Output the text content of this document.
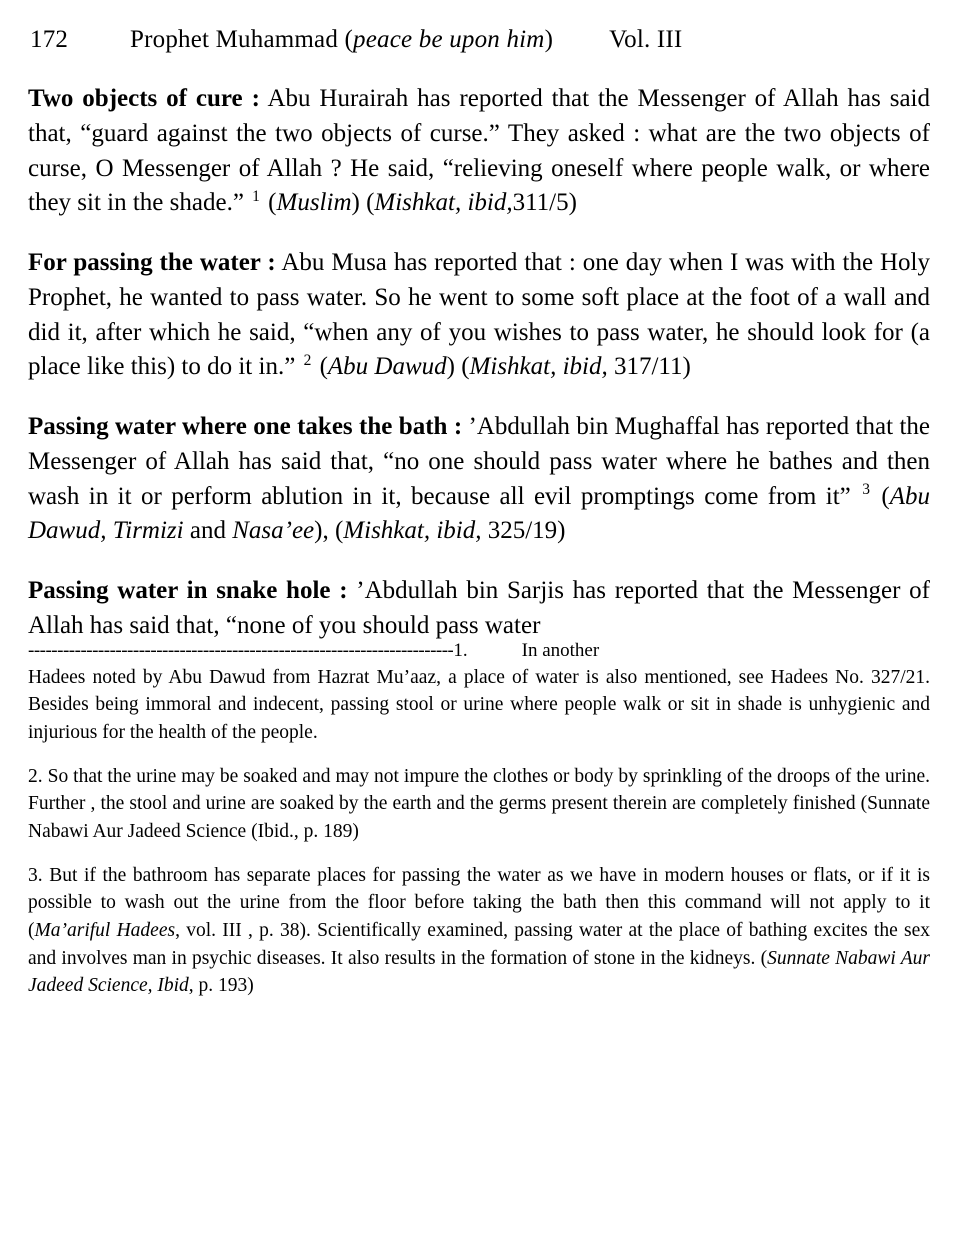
172	Prophet Muhammad (peace be upon him) Vol. III

Two objects of cure : Abu Hurairah has reported that the Messenger of Allah has said that, “guard against the two objects of curse.” They asked : what are the two objects of curse, O Messenger of Allah ? He said, “relieving oneself where people walk, or where they sit in the shade.” $^1$ (Muslim) (Mishkat, ibid,311/5)

For passing the water : Abu Musa has reported that : one day when I was with the Holy Prophet, he wanted to pass water. So he went to some soft place at the foot of a wall and did it, after which he said, “when any of you wishes to pass water, he should look for (a place like this) to do it in.” $^2$ (Abu Dawud) (Mishkat, ibid, 317/11)

Passing water where one takes the bath : ’Abdullah bin Mughaffal has reported that the Messenger of Allah has said that, “no one should pass water where he bathes and then wash in it or perform ablution in it, because all evil promptings come from it” $^3$ (Abu Dawud, Tirmizi and Nasa’ee), (Mishkat, ibid, 325/19)

Passing water in snake hole : ’Abdullah bin Sarjis has reported that the Messenger of Allah has said that, “none of you should pass water

------------------------------------------------------------------------- 1.	In another

Hadees noted by Abu Dawud from Hazrat Mu’aaz, a place of water is also mentioned, see Hadees No. 327/21. Besides being immoral and indecent, passing stool or urine where people walk or sit in shade is unhygienic and injurious for the health of the people.

2. So that the urine may be soaked and may not impure the clothes or body by sprinkling of the droops of the urine. Further , the stool and urine are soaked by the earth and the germs present therein are completely finished (Sunnate Nabawi Aur Jadeed Science (Ibid., p. 189)

3. But if the bathroom has separate places for passing the water as we have in modern houses or flats, or if it is possible to wash out the urine from the floor before taking the bath then this command will not apply to it (Ma’ariful Hadees, vol. III , p. 38). Scientifically examined, passing water at the place of bathing excites the sex and involves man in psychic diseases. It also results in the formation of stone in the kidneys. (Sunnate Nabawi Aur Jadeed Science, Ibid, p. 193)
